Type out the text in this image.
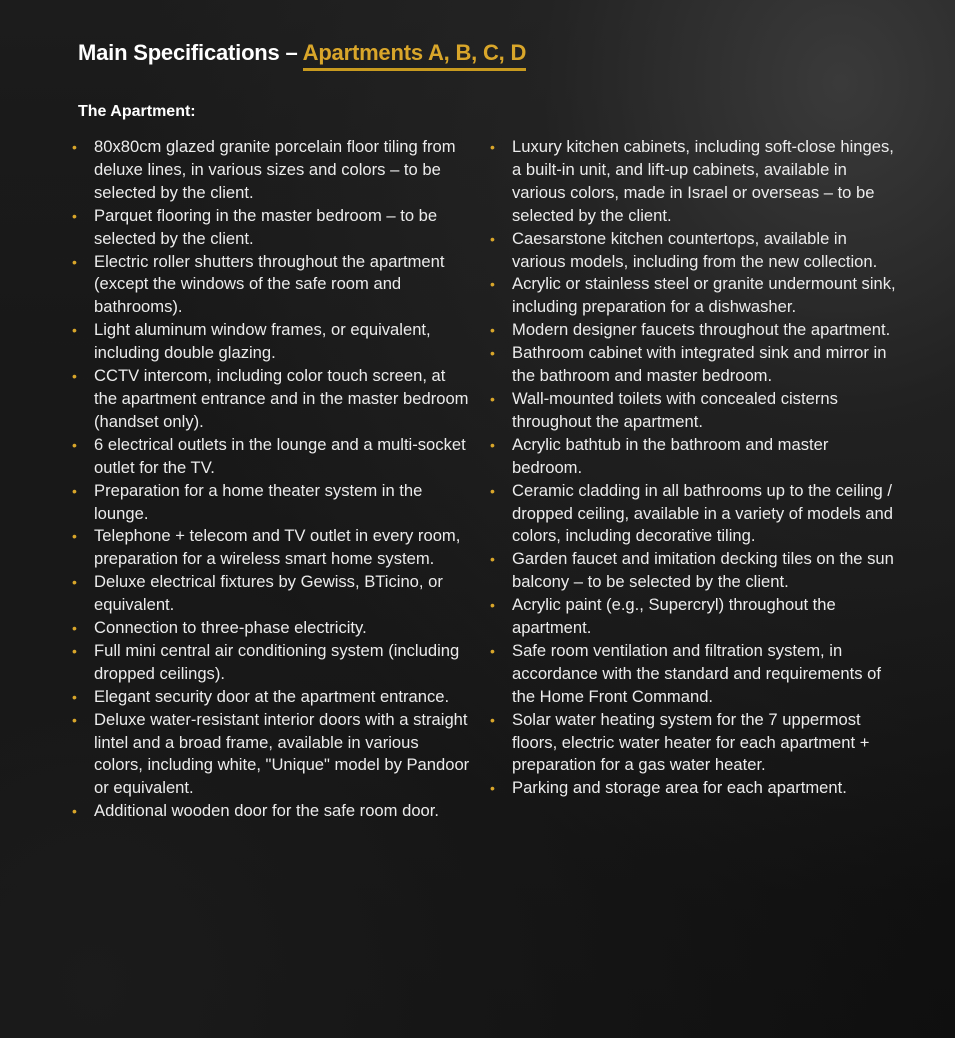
Main Specifications – Apartments A, B, C, D
The Apartment:
• 80x80cm glazed granite porcelain floor tiling from deluxe lines, in various sizes and colors – to be selected by the client.
• Parquet flooring in the master bedroom – to be selected by the client.
• Electric roller shutters throughout the apartment (except the windows of the safe room and bathrooms).
• Light aluminum window frames, or equivalent, including double glazing.
• CCTV intercom, including color touch screen, at the apartment entrance and in the master bedroom (handset only).
• 6 electrical outlets in the lounge and a multi-socket outlet for the TV.
• Preparation for a home theater system in the lounge.
• Telephone + telecom and TV outlet in every room, preparation for a wireless smart home system.
• Deluxe electrical fixtures by Gewiss, BTicino, or equivalent.
• Connection to three-phase electricity.
• Full mini central air conditioning system (including dropped ceilings).
• Elegant security door at the apartment entrance.
• Deluxe water-resistant interior doors with a straight lintel and a broad frame, available in various colors, including white, "Unique" model by Pandoor or equivalent.
• Additional wooden door for the safe room door.
• Luxury kitchen cabinets, including soft-close hinges, a built-in unit, and lift-up cabinets, available in various colors, made in Israel or overseas – to be selected by the client.
• Caesarstone kitchen countertops, available in various models, including from the new collection.
• Acrylic or stainless steel or granite undermount sink, including preparation for a dishwasher.
• Modern designer faucets throughout the apartment.
• Bathroom cabinet with integrated sink and mirror in the bathroom and master bedroom.
• Wall-mounted toilets with concealed cisterns throughout the apartment.
• Acrylic bathtub in the bathroom and master bedroom.
• Ceramic cladding in all bathrooms up to the ceiling / dropped ceiling, available in a variety of models and colors, including decorative tiling.
• Garden faucet and imitation decking tiles on the sun balcony – to be selected by the client.
• Acrylic paint (e.g., Supercryl) throughout the apartment.
• Safe room ventilation and filtration system, in accordance with the standard and requirements of the Home Front Command.
• Solar water heating system for the 7 uppermost floors, electric water heater for each apartment + preparation for a gas water heater.
• Parking and storage area for each apartment.
